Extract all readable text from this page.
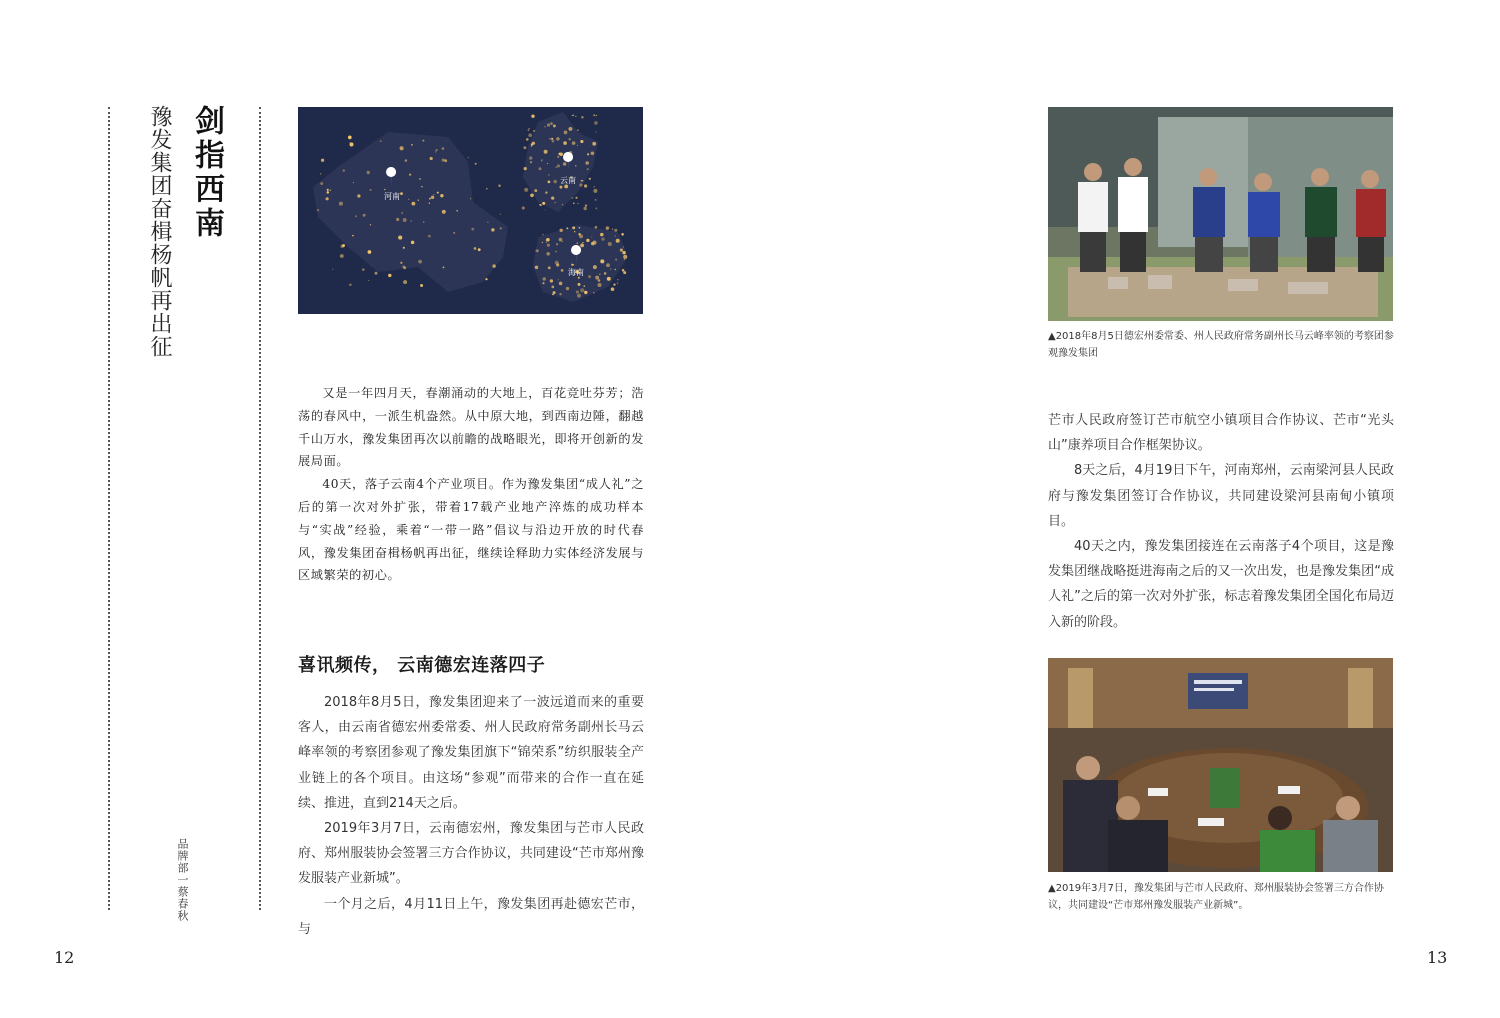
剑指西南
豫发集团奋楫杨帆再出征
品牌部一蔡春秋
河南
云南
海南

又是一年四月天，春潮涌动的大地上，百花竞吐芬芳；浩荡的春风中，一派生机盎然。从中原大地，到西南边陲，翻越千山万水，豫发集团再次以前瞻的战略眼光，即将开创新的发展局面。

40天，落子云南4个产业项目。作为豫发集团“成人礼”之后的第一次对外扩张，带着17载产业地产淬炼的成功样本与“实战”经验，乘着“一带一路”倡议与沿边开放的时代春风，豫发集团奋楫杨帆再出征，继续诠释助力实体经济发展与区域繁荣的初心。

喜讯频传， 云南德宏连落四子

2018年8月5日，豫发集团迎来了一波远道而来的重要客人，由云南省德宏州委常委、州人民政府常务副州长马云峰率领的考察团参观了豫发集团旗下“锦荣系”纺织服装全产业链上的各个项目。由这场“参观”而带来的合作一直在延续、推进，直到214天之后。

2019年3月7日，云南德宏州，豫发集团与芒市人民政府、郑州服装协会签署三方合作协议，共同建设“芒市郑州豫发服装产业新城”。

一个月之后，4月11日上午，豫发集团再赴德宏芒市，与

▲2018年8月5日德宏州委常委、州人民政府常务副州长马云峰率领的考察团参观豫发集团

芒市人民政府签订芒市航空小镇项目合作协议、芒市“光头山”康养项目合作框架协议。

8天之后，4月19日下午，河南郑州，云南梁河县人民政府与豫发集团签订合作协议，共同建设梁河县南甸小镇项目。

40天之内，豫发集团接连在云南落子4个项目，这是豫发集团继战略挺进海南之后的又一次出发，也是豫发集团“成人礼”之后的第一次对外扩张，标志着豫发集团全国化布局迈入新的阶段。

▲2019年3月7日，豫发集团与芒市人民政府、郑州服装协会签署三方合作协议，共同建设“芒市郑州豫发服装产业新城”。
12	13
